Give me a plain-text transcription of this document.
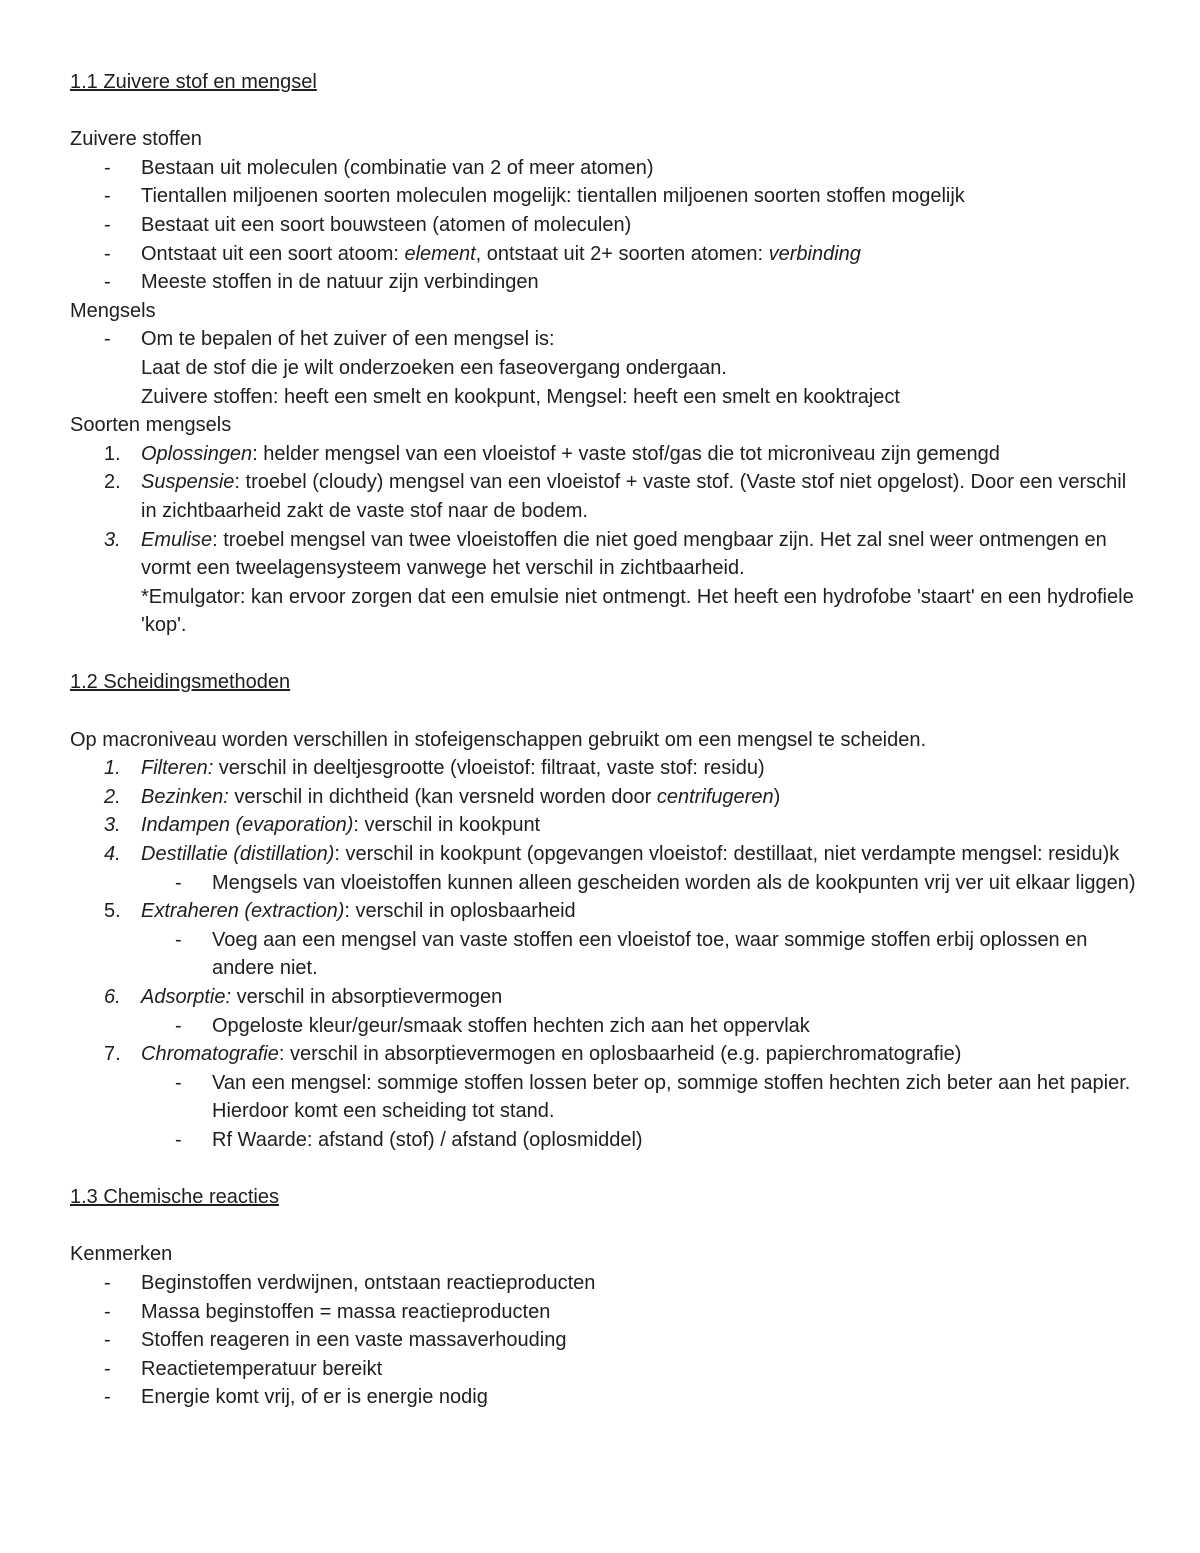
1.1 Zuivere stof en mengsel
Zuivere stoffen
- Bestaan uit moleculen (combinatie van 2 of meer atomen)
- Tientallen miljoenen soorten moleculen mogelijk: tientallen miljoenen soorten stoffen mogelijk
- Bestaat uit een soort bouwsteen (atomen of moleculen)
- Ontstaat uit een soort atoom: element, ontstaat uit 2+ soorten atomen: verbinding
- Meeste stoffen in de natuur zijn verbindingen
Mengsels
- Om te bepalen of het zuiver of een mengsel is:
Laat de stof die je wilt onderzoeken een faseovergang ondergaan.
Zuivere stoffen: heeft een smelt en kookpunt, Mengsel: heeft een smelt en kooktraject
Soorten mengsels
1. Oplossingen: helder mengsel van een vloeistof + vaste stof/gas die tot microniveau zijn gemengd
2. Suspensie: troebel (cloudy) mengsel van een vloeistof + vaste stof. (Vaste stof niet opgelost). Door een verschil in zichtbaarheid zakt de vaste stof naar de bodem.
3. Emulise: troebel mengsel van twee vloeistoffen die niet goed mengbaar zijn. Het zal snel weer ontmengen en vormt een tweelagensysteem vanwege het verschil in zichtbaarheid.
*Emulgator: kan ervoor zorgen dat een emulsie niet ontmengt. Het heeft een hydrofobe 'staart' en een hydrofiele 'kop'.
1.2 Scheidingsmethoden
Op macroniveau worden verschillen in stofeigenschappen gebruikt om een mengsel te scheiden.
1. Filteren: verschil in deeltjesgrootte (vloeistof: filtraat, vaste stof: residu)
2. Bezinken: verschil in dichtheid (kan versneld worden door centrifugeren)
3. Indampen (evaporation): verschil in kookpunt
4. Destillatie (distillation): verschil in kookpunt (opgevangen vloeistof: destillaat, niet verdampte mengsel: residu)k
- Mengsels van vloeistoffen kunnen alleen gescheiden worden als de kookpunten vrij ver uit elkaar liggen)
5. Extraheren (extraction): verschil in oplosbaarheid
- Voeg aan een mengsel van vaste stoffen een vloeistof toe, waar sommige stoffen erbij oplossen en andere niet.
6. Adsorptie: verschil in absorptievermogen
- Opgeloste kleur/geur/smaak stoffen hechten zich aan het oppervlak
7. Chromatografie: verschil in absorptievermogen en oplosbaarheid (e.g. papierchromatografie)
- Van een mengsel: sommige stoffen lossen beter op, sommige stoffen hechten zich beter aan het papier. Hierdoor komt een scheiding tot stand.
- Rf Waarde: afstand (stof) / afstand (oplosmiddel)
1.3 Chemische reacties
Kenmerken
- Beginstoffen verdwijnen, ontstaan reactieproducten
- Massa beginstoffen = massa reactieproducten
- Stoffen reageren in een vaste massaverhouding
- Reactietemperatuur bereikt
- Energie komt vrij, of er is energie nodig
